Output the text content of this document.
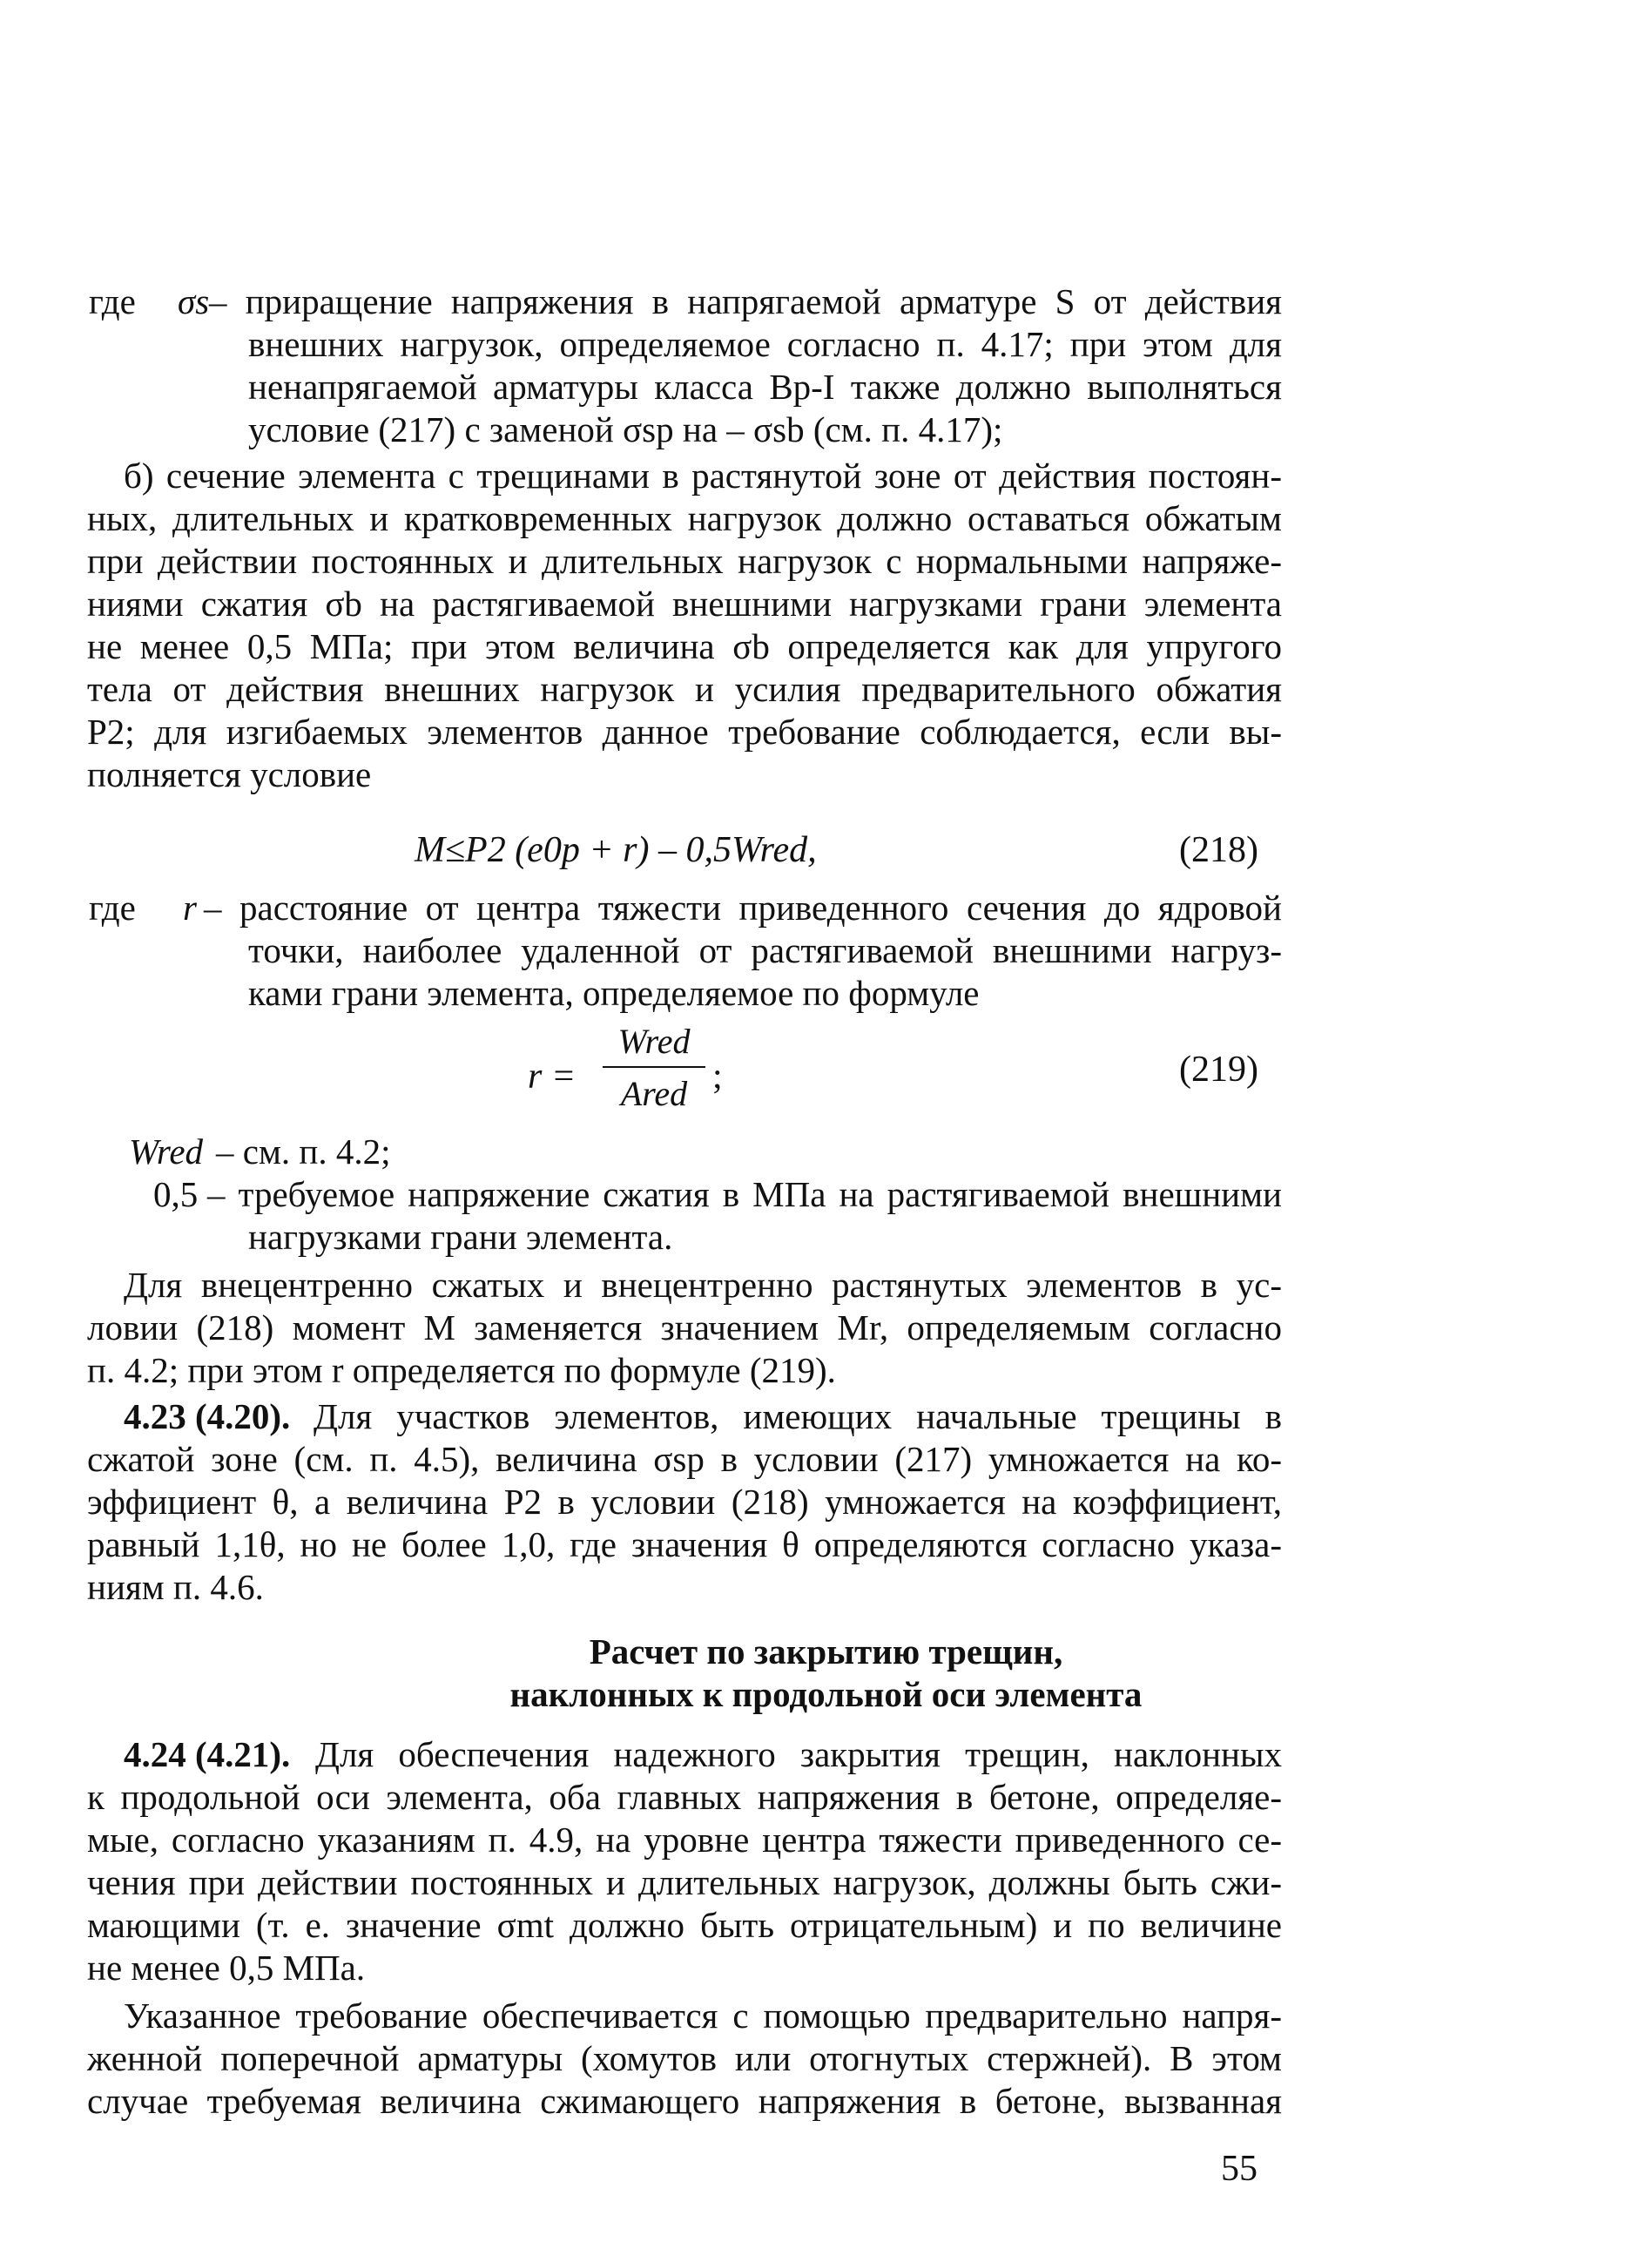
где σs – приращение напряжения в напрягаемой арматуре S от действия
внешних нагрузок, определяемое согласно п. 4.17; при этом для
ненапрягаемой арматуры класса Вр-I также должно выполняться
условие (217) с заменой σsp на – σsb (см. п. 4.17);
б) сечение элемента с трещинами в растянутой зоне от действия постоян-
ных, длительных и кратковременных нагрузок должно оставаться обжатым
при действии постоянных и длительных нагрузок с нормальными напряже-
ниями сжатия σb на растягиваемой внешними нагрузками грани элемента
не менее 0,5 МПа; при этом величина σb определяется как для упругого
тела от действия внешних нагрузок и усилия предварительного обжатия
P2; для изгибаемых элементов данное требование соблюдается, если вы-
полняется условие
M≤P2 (e0p + r) – 0,5Wred,	(218)
где r – расстояние от центра тяжести приведенного сечения до ядровой
точки, наиболее удаленной от растягиваемой внешними нагруз-
ками грани элемента, определяемое по формуле
r =
Wred
Ared ;	(219)
Wred – см. п. 4.2;
0,5 – требуемое напряжение сжатия в МПа на растягиваемой внешними
нагрузками грани элемента.
Для внецентренно сжатых и внецентренно растянутых элементов в ус-
ловии (218) момент M заменяется значением Mr, определяемым согласно
п. 4.2; при этом r определяется по формуле (219).
4.23 (4.20). Для участков элементов, имеющих начальные трещины в
сжатой зоне (см. п. 4.5), величина σsp в условии (217) умножается на ко-
эффициент θ, а величина P2 в условии (218) умножается на коэффициент,
равный 1,1θ, но не более 1,0, где значения θ определяются согласно указа-
ниям п. 4.6.
Расчет по закрытию трещин,
наклонных к продольной оси элемента
4.24 (4.21). Для обеспечения надежного закрытия трещин, наклонных
к продольной оси элемента, оба главных напряжения в бетоне, определяе-
мые, согласно указаниям п. 4.9, на уровне центра тяжести приведенного се-
чения при действии постоянных и длительных нагрузок, должны быть сжи-
мающими (т. е. значение σmt должно быть отрицательным) и по величине
не менее 0,5 МПа.
Указанное требование обеспечивается с помощью предварительно напря-
женной поперечной арматуры (хомутов или отогнутых стержней). В этом
случае требуемая величина сжимающего напряжения в бетоне, вызванная
55
